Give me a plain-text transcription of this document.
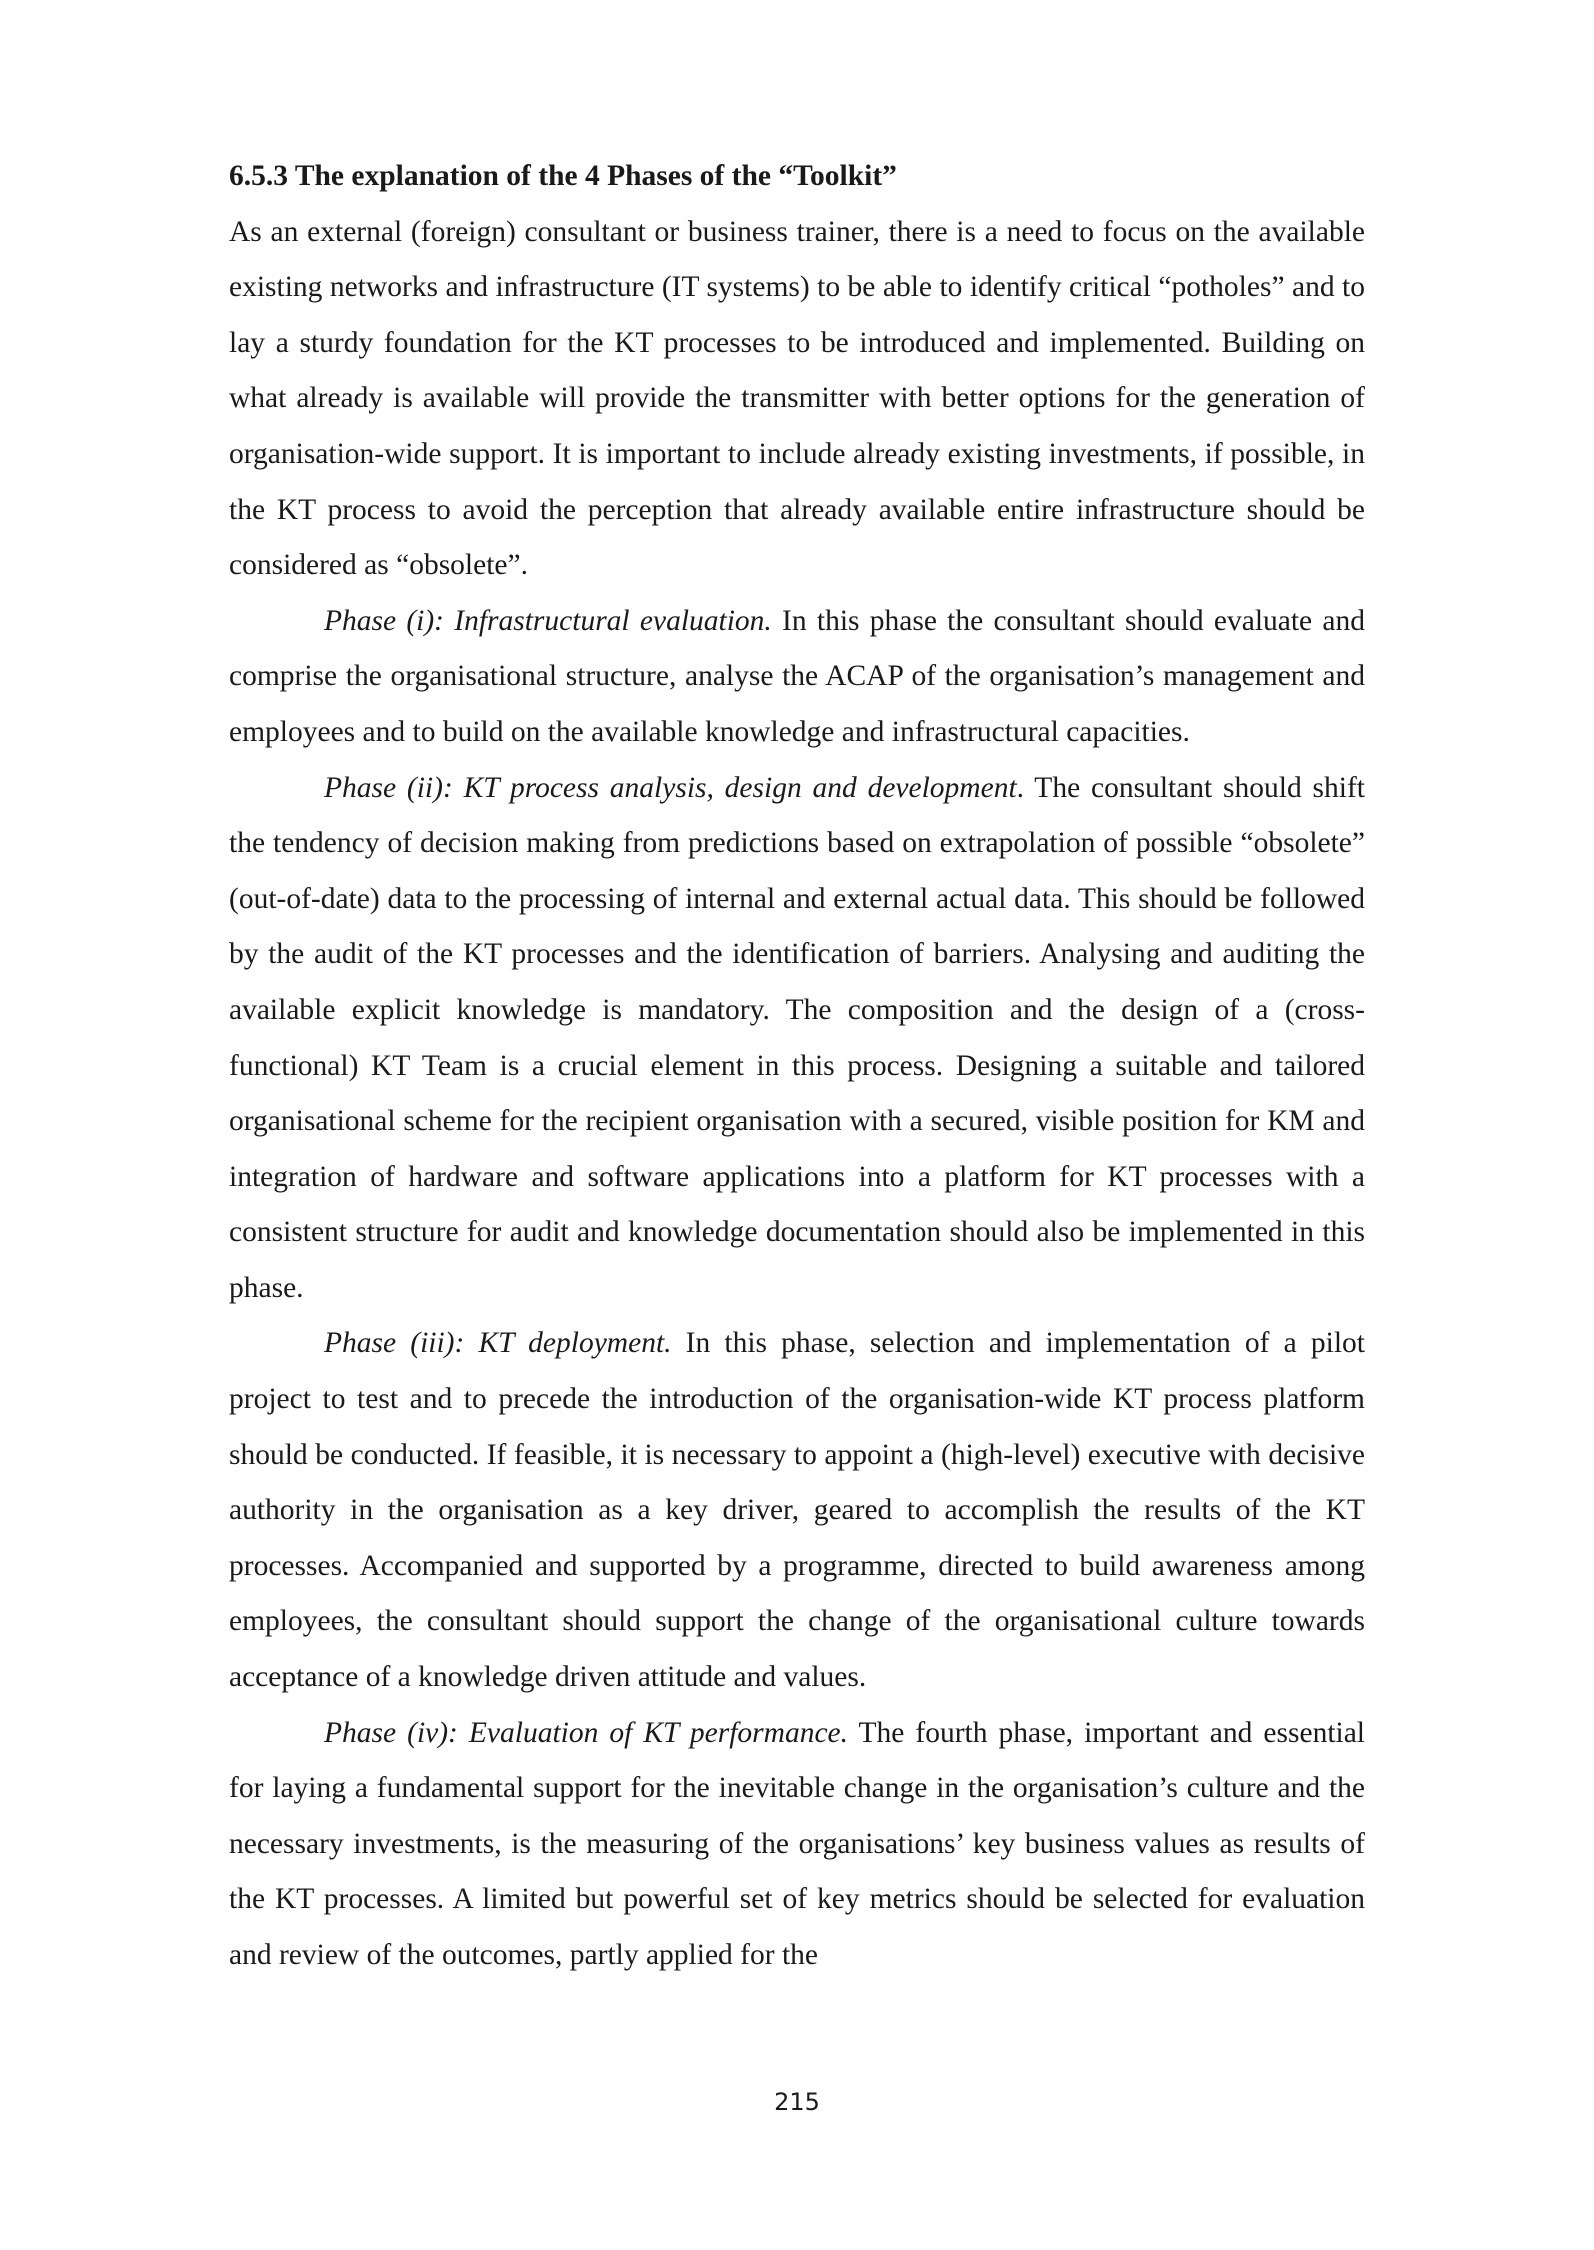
6.5.3 The explanation of the 4 Phases of the “Toolkit”

As an external (foreign) consultant or business trainer, there is a need to focus on the available existing networks and infrastructure (IT systems) to be able to identify critical “potholes” and to lay a sturdy foundation for the KT processes to be introduced and implemented. Building on what already is available will provide the transmitter with better options for the generation of organisation-wide support. It is important to include already existing investments, if possible, in the KT process to avoid the perception that already available entire infrastructure should be considered as “obsolete”.

Phase (i): Infrastructural evaluation. In this phase the consultant should evaluate and comprise the organisational structure, analyse the ACAP of the organisation’s management and employees and to build on the available knowledge and infrastructural capacities.

Phase (ii): KT process analysis, design and development. The consultant should shift the tendency of decision making from predictions based on extrapolation of possible “obsolete” (out-of-date) data to the processing of internal and external actual data. This should be followed by the audit of the KT processes and the identification of barriers. Analysing and auditing the available explicit knowledge is mandatory. The composition and the design of a (cross-functional) KT Team is a crucial element in this process. Designing a suitable and tailored organisational scheme for the recipient organisation with a secured, visible position for KM and integration of hardware and software applications into a platform for KT processes with a consistent structure for audit and knowledge documentation should also be implemented in this phase.

Phase (iii): KT deployment. In this phase, selection and implementation of a pilot project to test and to precede the introduction of the organisation-wide KT process platform should be conducted. If feasible, it is necessary to appoint a (high-level) executive with decisive authority in the organisation as a key driver, geared to accomplish the results of the KT processes. Accompanied and supported by a programme, directed to build awareness among employees, the consultant should support the change of the organisational culture towards acceptance of a knowledge driven attitude and values.

Phase (iv): Evaluation of KT performance. The fourth phase, important and essential for laying a fundamental support for the inevitable change in the organisation’s culture and the necessary investments, is the measuring of the organisations’ key business values as results of the KT processes. A limited but powerful set of key metrics should be selected for evaluation and review of the outcomes, partly applied for the

215
